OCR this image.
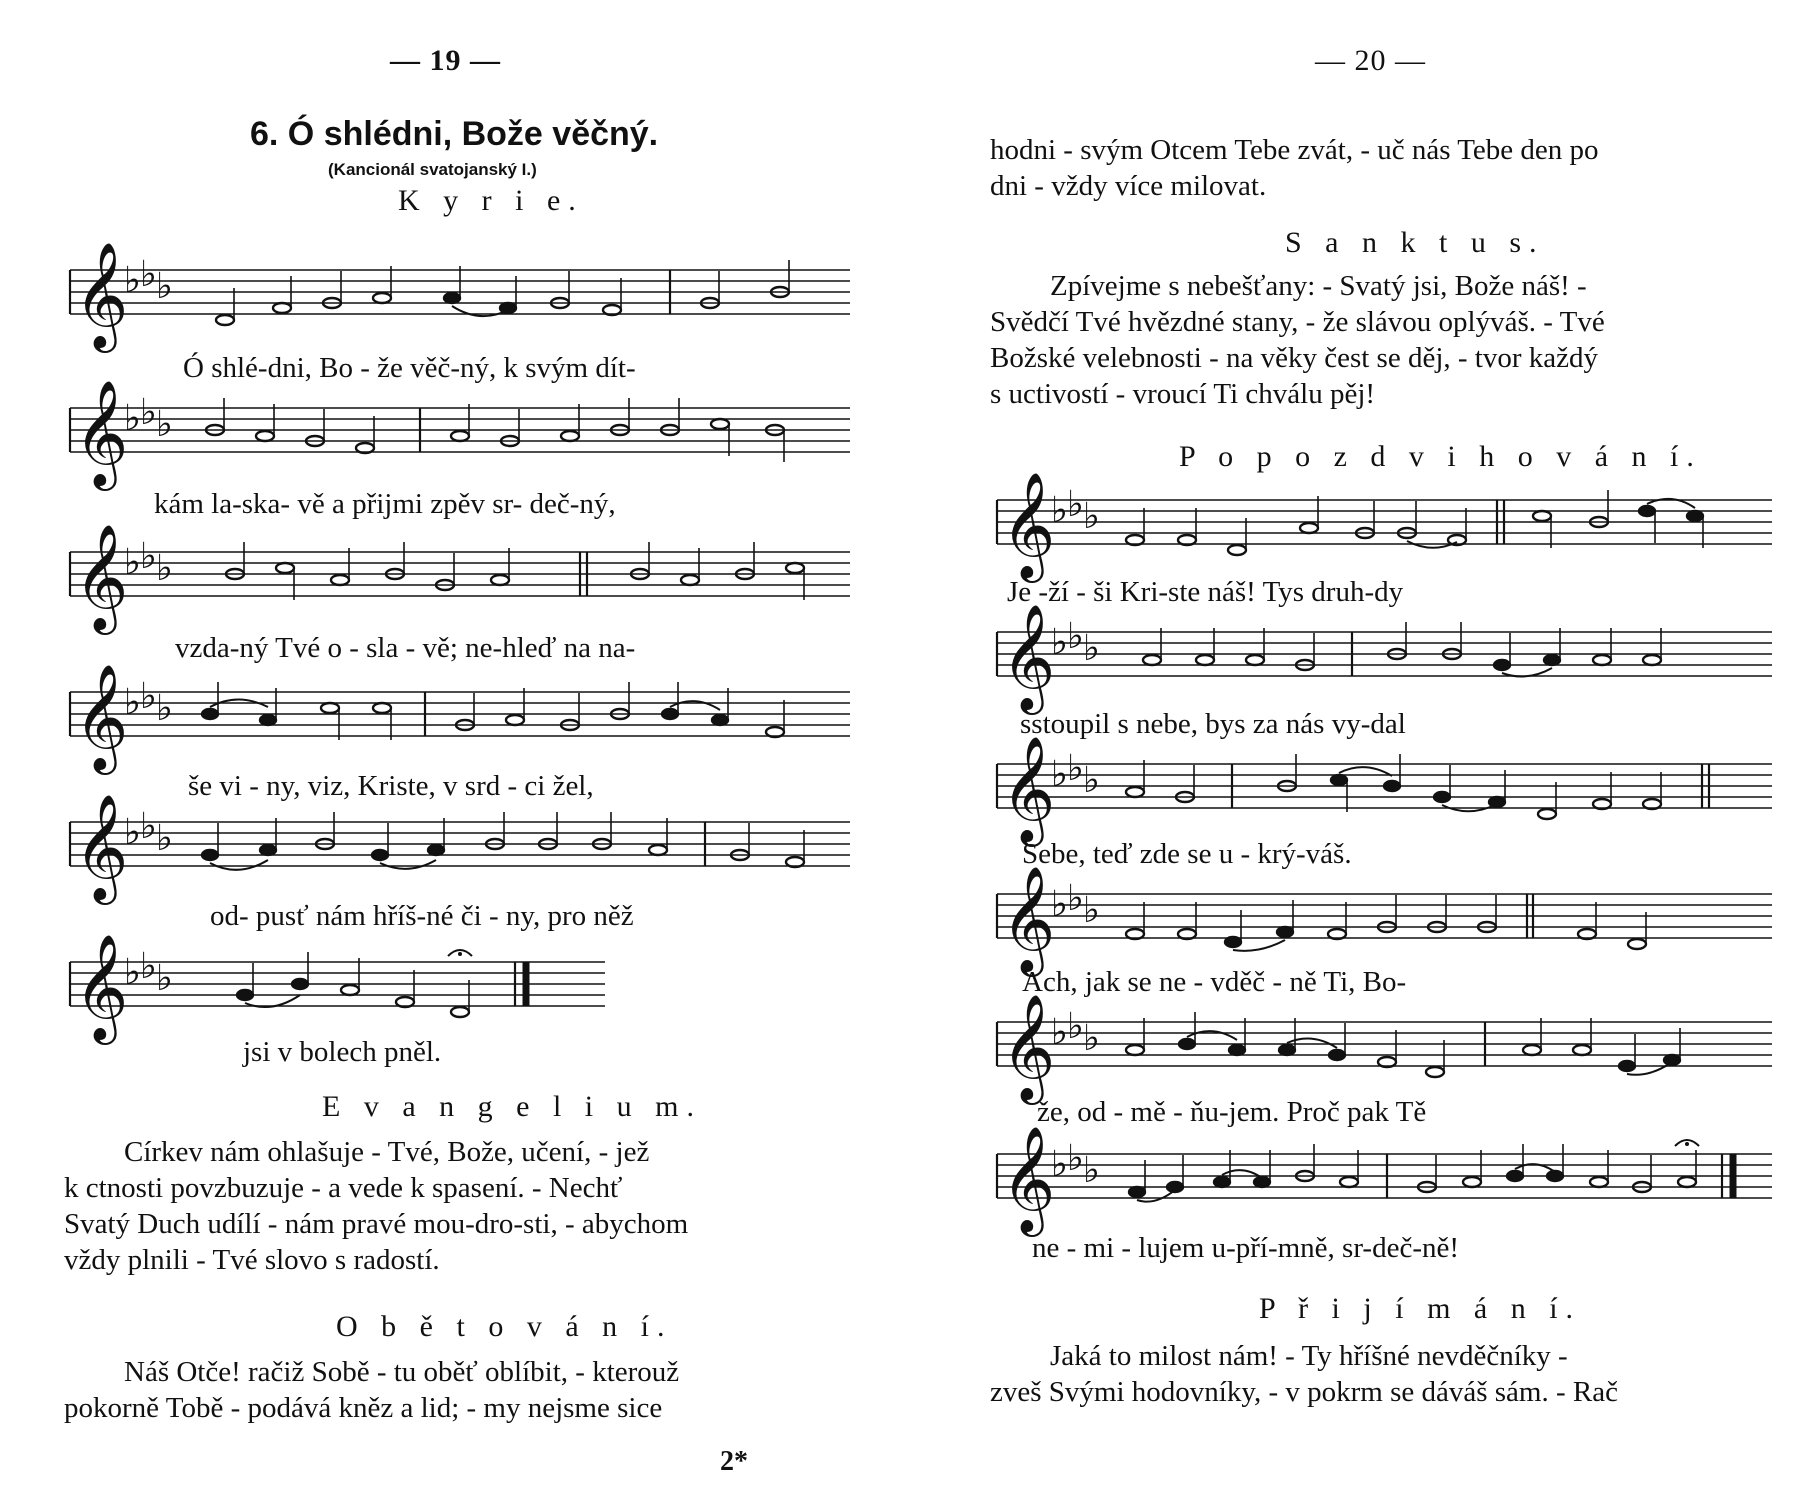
— 19 —
6. Ó shlédni, Bože věčný.
(Kancionál svatojanský I.)
K y r i e.
𝄞
♭ ♭ ♭
Ó shlé-dni, Bo - že věč-ný, k svým dít-
𝄞
♭ ♭ ♭
kám la-ska- vě a přijmi zpěv sr- deč-ný,
𝄞
♭ ♭ ♭
vzda-ný Tvé o - sla - vě; ne-hleď na na-
𝄞
♭ ♭ ♭
še vi - ny, viz, Kriste, v srd - ci žel,
𝄞
♭ ♭ ♭
od- pusť nám hříš-né či - ny, pro něž
𝄞
♭ ♭ ♭
jsi v bolech pněl.
E v a n g e l i u m.
Církev nám ohlašuje - Tvé, Bože, učení, - jež
k ctnosti povzbuzuje - a vede k spasení. - Nechť
Svatý Duch udílí - nám pravé mou-dro-sti, - abychom
vždy plnili - Tvé slovo s radostí.
O b ě t o v á n í.
Náš Otče! račiž Sobě - tu oběť oblíbit, - kterouž
pokorně Tobě - podává kněz a lid; - my nejsme sice
2*
— 20 —
hodni - svým Otcem Tebe zvát, - uč nás Tebe den po
dni - vždy více milovat.
S a n k t u s.
Zpívejme s nebešťany: - Svatý jsi, Bože náš! -
Svědčí Tvé hvězdné stany, - že slávou oplýváš. - Tvé
Božské velebnosti - na věky čest se děj, - tvor každý
s uctivostí - vroucí Ti chválu pěj!
P o p o z d v i h o v á n í.
𝄞
♭ ♭ ♭
Je -ží - ši Kri-ste náš! Tys druh-dy
𝄞
♭ ♭ ♭
sstoupil s nebe, bys za nás vy-dal
𝄞
♭ ♭ ♭
Sebe, teď zde se u - krý-váš.
𝄞
♭ ♭ ♭
Ach, jak se ne - vděč - ně Ti, Bo-
𝄞
♭ ♭ ♭
že, od - mě - ňu-jem. Proč pak Tě
𝄞
♭ ♭ ♭
ne - mi - lujem u-pří-mně, sr-deč-ně!
P ř i j í m á n í.
Jaká to milost nám! - Ty hříšné nevděčníky -
zveš Svými hodovníky, - v pokrm se dáváš sám. - Rač
